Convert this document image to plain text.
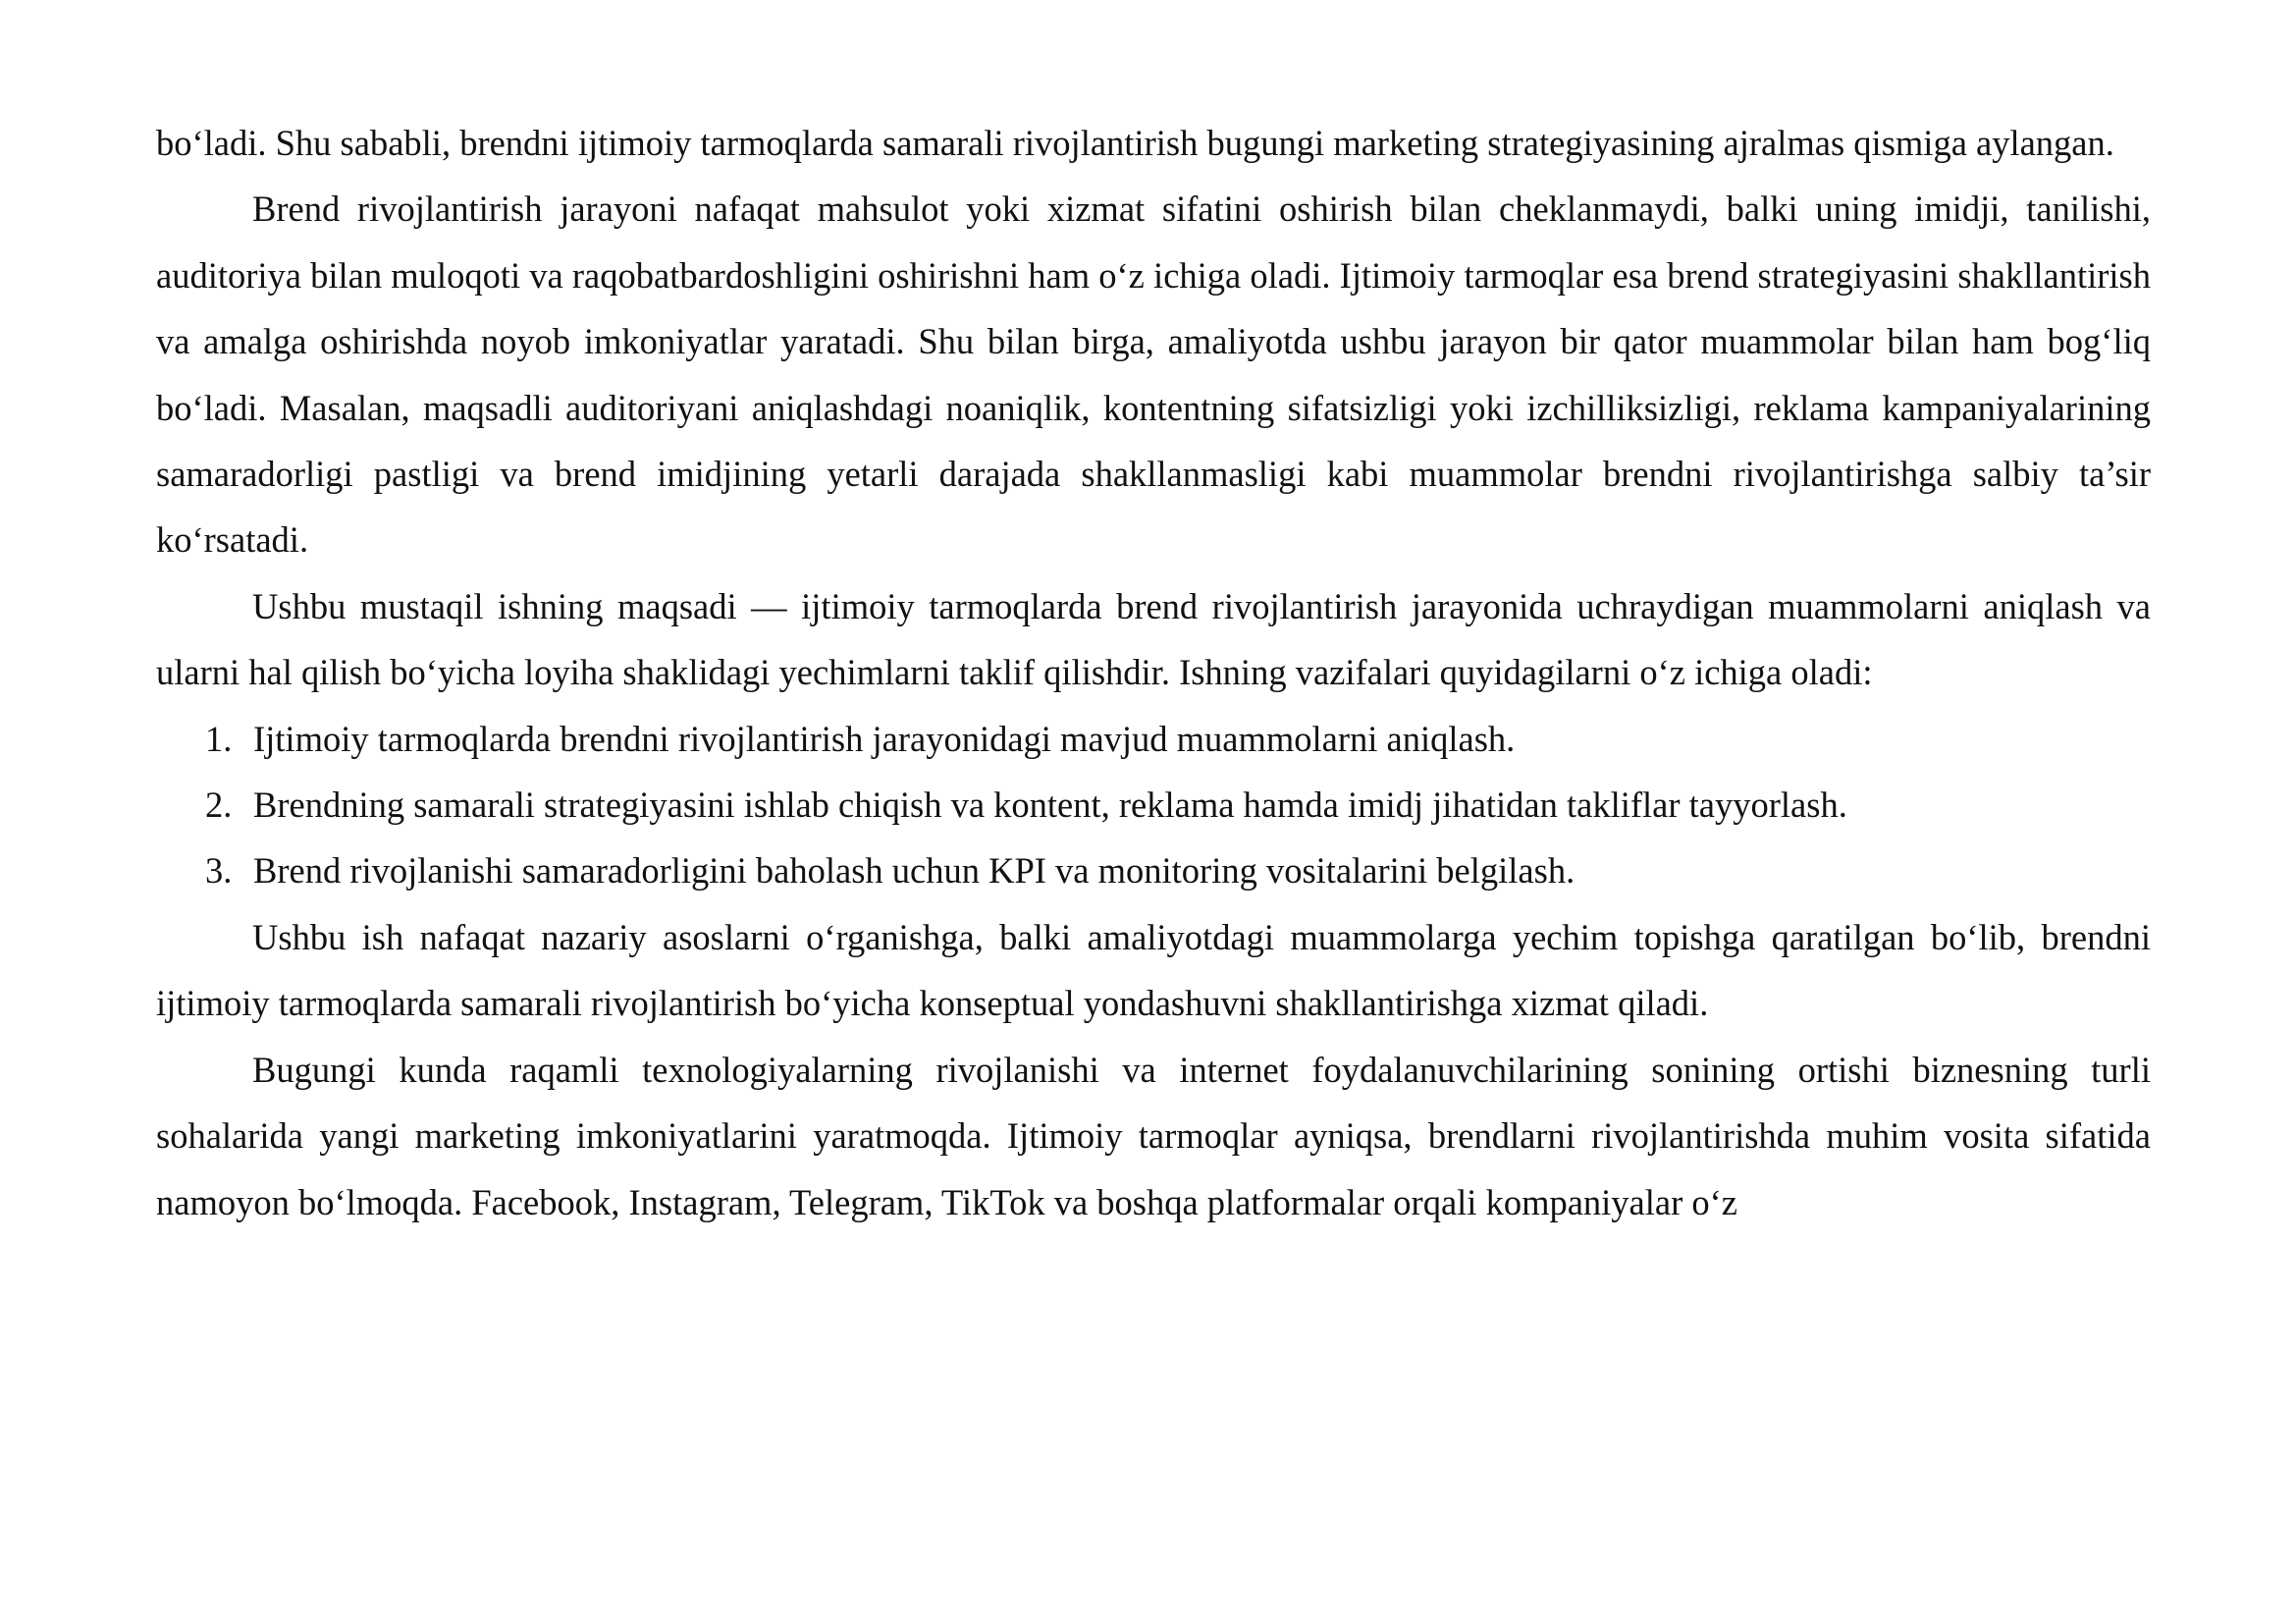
bo‘ladi. Shu sababli, brendni ijtimoiy tarmoqlarda samarali rivojlantirish bugungi marketing strategiyasining ajralmas qismiga aylangan.

Brend rivojlantirish jarayoni nafaqat mahsulot yoki xizmat sifatini oshirish bilan cheklanmaydi, balki uning imidji, tanilishi, auditoriya bilan muloqoti va raqobatbardoshligini oshirishni ham o‘z ichiga oladi. Ijtimoiy tarmoqlar esa brend strategiyasini shakllantirish va amalga oshirishda noyob imkoniyatlar yaratadi. Shu bilan birga, amaliyotda ushbu jarayon bir qator muammolar bilan ham bog‘liq bo‘ladi. Masalan, maqsadli auditoriyani aniqlashdagi noaniqlik, kontentning sifatsizligi yoki izchilliksizligi, reklama kampaniyalarining samaradorligi pastligi va brend imidjining yetarli darajada shakllanmasligi kabi muammolar brendni rivojlantirishga salbiy ta’sir ko‘rsatadi.

Ushbu mustaqil ishning maqsadi — ijtimoiy tarmoqlarda brend rivojlantirish jarayonida uchraydigan muammolarni aniqlash va ularni hal qilish bo‘yicha loyiha shaklidagi yechimlarni taklif qilishdir. Ishning vazifalari quyidagilarni o‘z ichiga oladi:

1. Ijtimoiy tarmoqlarda brendni rivojlantirish jarayonidagi mavjud muammolarni aniqlash.
2. Brendning samarali strategiyasini ishlab chiqish va kontent, reklama hamda imidj jihatidan takliflar tayyorlash.
3. Brend rivojlanishi samaradorligini baholash uchun KPI va monitoring vositalarini belgilash.

Ushbu ish nafaqat nazariy asoslarni o‘rganishga, balki amaliyotdagi muammolarga yechim topishga qaratilgan bo‘lib, brendni ijtimoiy tarmoqlarda samarali rivojlantirish bo‘yicha konseptual yondashuvni shakllantirishga xizmat qiladi.

Bugungi kunda raqamli texnologiyalarning rivojlanishi va internet foydalanuvchilarining sonining ortishi biznesning turli sohalarida yangi marketing imkoniyatlarini yaratmoqda. Ijtimoiy tarmoqlar ayniqsa, brendlarni rivojlantirishda muhim vosita sifatida namoyon bo‘lmoqda. Facebook, Instagram, Telegram, TikTok va boshqa platformalar orqali kompaniyalar o‘z
